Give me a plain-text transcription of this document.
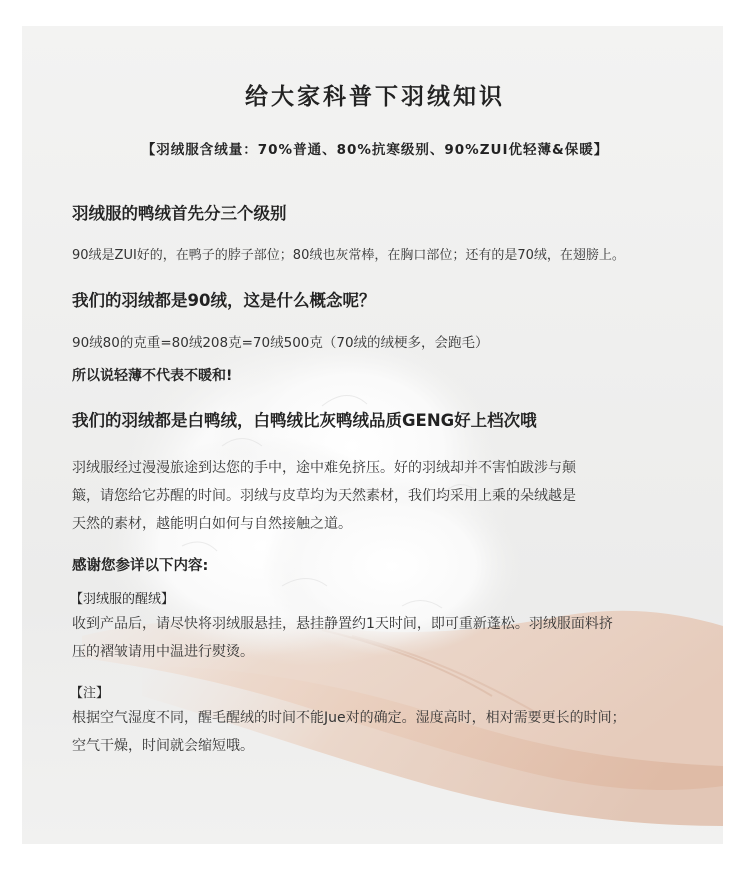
给大家科普下羽绒知识
【羽绒服含绒量：70%普通、80%抗寒级别、90%ZUI优轻薄&保暖】
羽绒服的鸭绒首先分三个级别
90绒是ZUI好的，在鸭子的脖子部位；80绒也灰常棒，在胸口部位；还有的是70绒，在翅膀上。
我们的羽绒都是90绒，这是什么概念呢？
90绒80的克重=80绒208克=70绒500克（70绒的绒梗多，会跑毛）
所以说轻薄不代表不暖和!
我们的羽绒都是白鸭绒，白鸭绒比灰鸭绒品质GENG好上档次哦
羽绒服经过漫漫旅途到达您的手中，途中难免挤压。好的羽绒却并不害怕跋涉与颠
簸，请您给它苏醒的时间。羽绒与皮草均为天然素材，我们均采用上乘的朵绒越是
天然的素材，越能明白如何与自然接触之道。
感谢您参详以下内容:
【羽绒服的醒绒】
收到产品后，请尽快将羽绒服悬挂，悬挂静置约1天时间，即可重新蓬松。羽绒服面料挤
压的褶皱请用中温进行熨烫。
【注】
根据空气湿度不同，醒毛醒绒的时间不能Jue对的确定。湿度高时，相对需要更长的时间；
空气干燥，时间就会缩短哦。
